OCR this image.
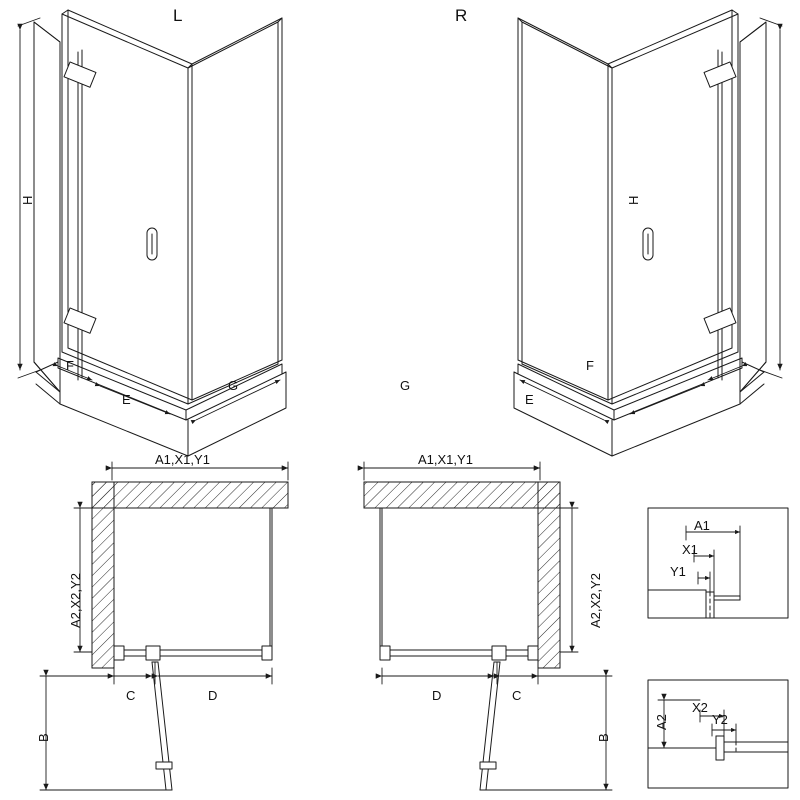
L	R
H
F
E
G
H
F
E
G
A1,X1,Y1
A2,X2,Y2
C	D
B
A1,X1,Y1
A2,X2,Y2
D	C
B
A1
X1
Y1
A2
X2
Y2
